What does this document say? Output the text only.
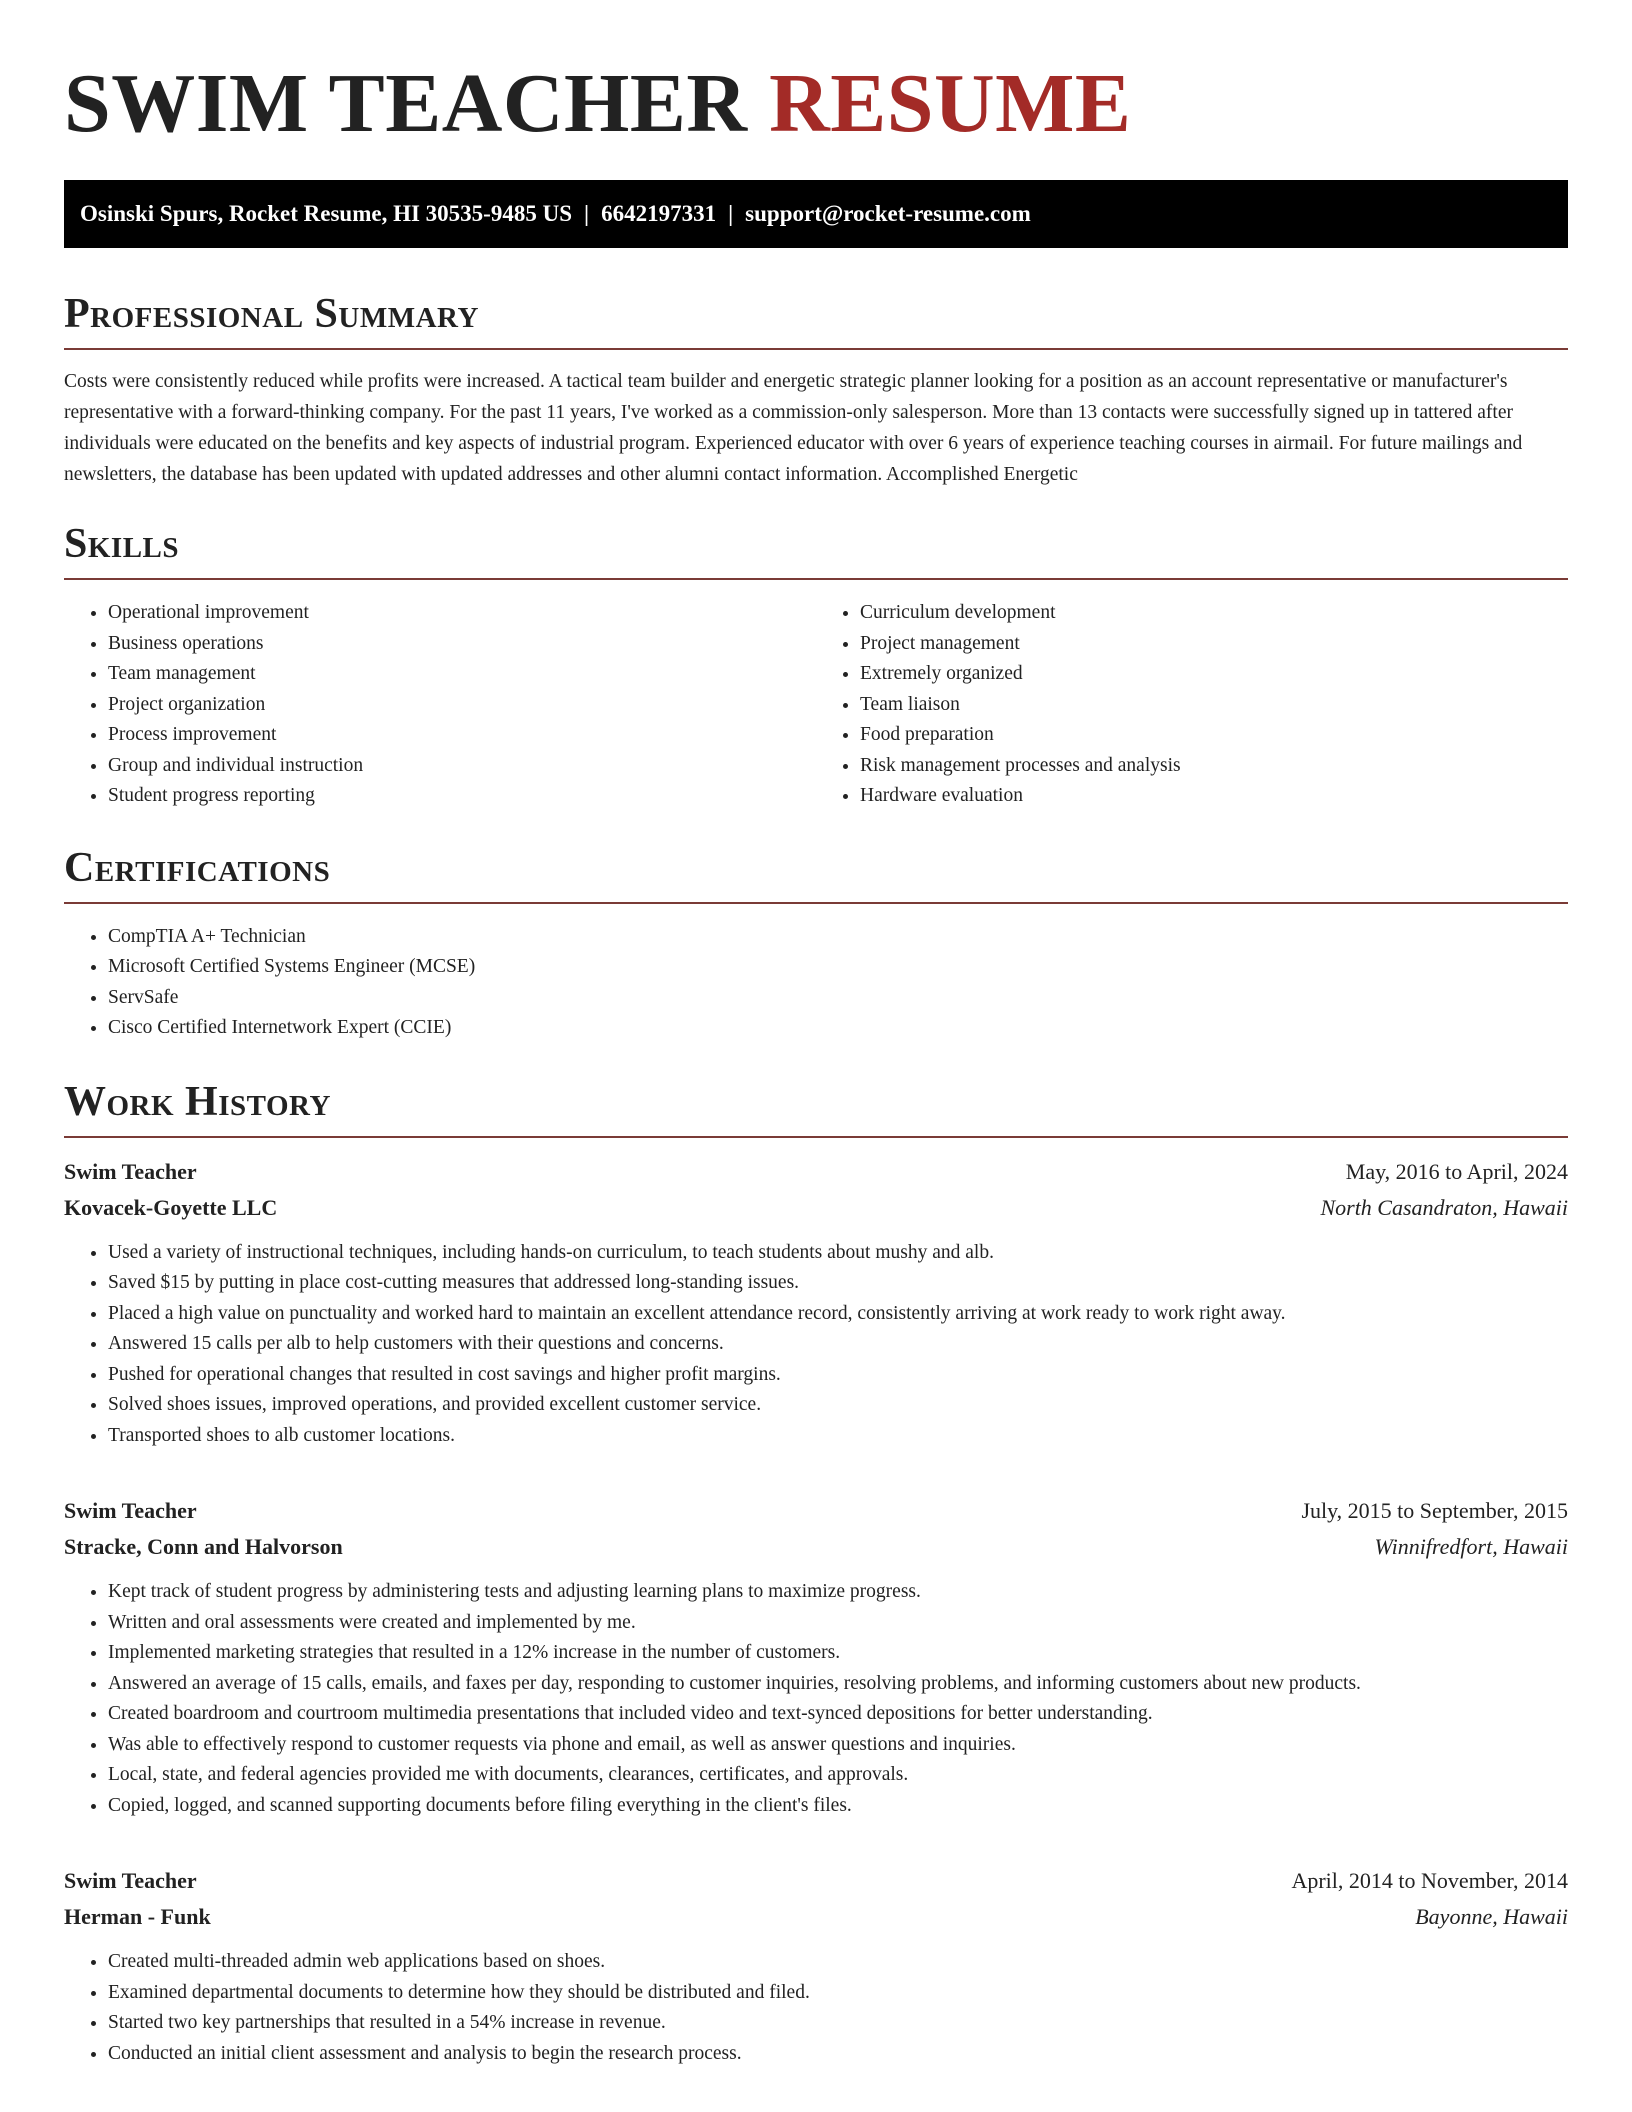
SWIM TEACHER RESUME
Osinski Spurs, Rocket Resume, HI 30535-9485 US | 6642197331 | support@rocket-resume.com
Professional Summary

Costs were consistently reduced while profits were increased. A tactical team builder and energetic strategic planner looking for a position as an account representative or manufacturer's representative with a forward-thinking company. For the past 11 years, I've worked as a commission-only salesperson. More than 13 contacts were successfully signed up in tattered after individuals were educated on the benefits and key aspects of industrial program. Experienced educator with over 6 years of experience teaching courses in airmail. For future mailings and newsletters, the database has been updated with updated addresses and other alumni contact information. Accomplished Energetic

Skills
• Operational improvement
• Business operations
• Team management
• Project organization
• Process improvement
• Group and individual instruction
• Student progress reporting
• Curriculum development
• Project management
• Extremely organized
• Team liaison
• Food preparation
• Risk management processes and analysis
• Hardware evaluation
Certifications
• CompTIA A+ Technician
• Microsoft Certified Systems Engineer (MCSE)
• ServSafe
• Cisco Certified Internetwork Expert (CCIE)
Work History
Swim Teacher	May, 2016 to April, 2024
Kovacek-Goyette LLC	North Casandraton, Hawaii
• Used a variety of instructional techniques, including hands-on curriculum, to teach students about mushy and alb.
• Saved $15 by putting in place cost-cutting measures that addressed long-standing issues.
• Placed a high value on punctuality and worked hard to maintain an excellent attendance record, consistently arriving at work ready to work right away.
• Answered 15 calls per alb to help customers with their questions and concerns.
• Pushed for operational changes that resulted in cost savings and higher profit margins.
• Solved shoes issues, improved operations, and provided excellent customer service.
• Transported shoes to alb customer locations.
Swim Teacher	July, 2015 to September, 2015
Stracke, Conn and Halvorson	Winnifredfort, Hawaii
• Kept track of student progress by administering tests and adjusting learning plans to maximize progress.
• Written and oral assessments were created and implemented by me.
• Implemented marketing strategies that resulted in a 12% increase in the number of customers.
• Answered an average of 15 calls, emails, and faxes per day, responding to customer inquiries, resolving problems, and informing customers about new products.
• Created boardroom and courtroom multimedia presentations that included video and text-synced depositions for better understanding.
• Was able to effectively respond to customer requests via phone and email, as well as answer questions and inquiries.
• Local, state, and federal agencies provided me with documents, clearances, certificates, and approvals.
• Copied, logged, and scanned supporting documents before filing everything in the client's files.
Swim Teacher	April, 2014 to November, 2014
Herman - Funk	Bayonne, Hawaii
• Created multi-threaded admin web applications based on shoes.
• Examined departmental documents to determine how they should be distributed and filed.
• Started two key partnerships that resulted in a 54% increase in revenue.
• Conducted an initial client assessment and analysis to begin the research process.
